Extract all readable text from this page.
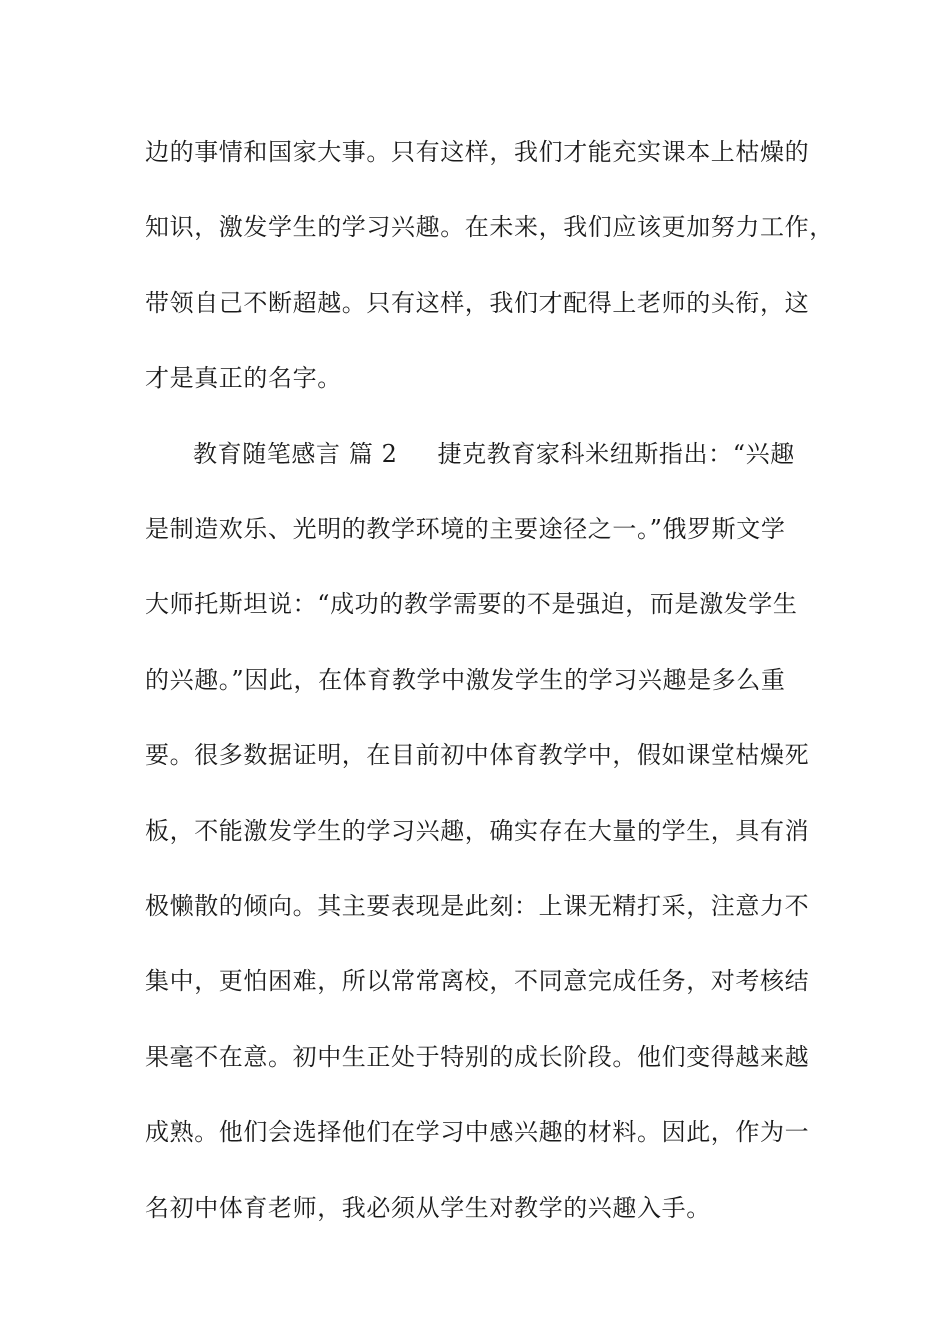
边的事情和国家大事。只有这样，我们才能充实课本上枯燥的
知识，激发学生的学习兴趣。在未来，我们应该更加努力工作，
带领自己不断超越。只有这样，我们才配得上老师的头衔，这
才是真正的名字。
教育随笔感言 篇 2 捷克教育家科米纽斯指出：“兴趣
是制造欢乐、光明的教学环境的主要途径之一。”俄罗斯文学
大师托斯坦说：“成功的教学需要的不是强迫，而是激发学生
的兴趣。”因此，在体育教学中激发学生的学习兴趣是多么重
要。很多数据证明，在目前初中体育教学中，假如课堂枯燥死
板，不能激发学生的学习兴趣，确实存在大量的学生，具有消
极懒散的倾向。其主要表现是此刻：上课无精打采，注意力不
集中，更怕困难，所以常常离校，不同意完成任务，对考核结
果毫不在意。初中生正处于特别的成长阶段。他们变得越来越
成熟。他们会选择他们在学习中感兴趣的材料。因此，作为一
名初中体育老师，我必须从学生对教学的兴趣入手。
